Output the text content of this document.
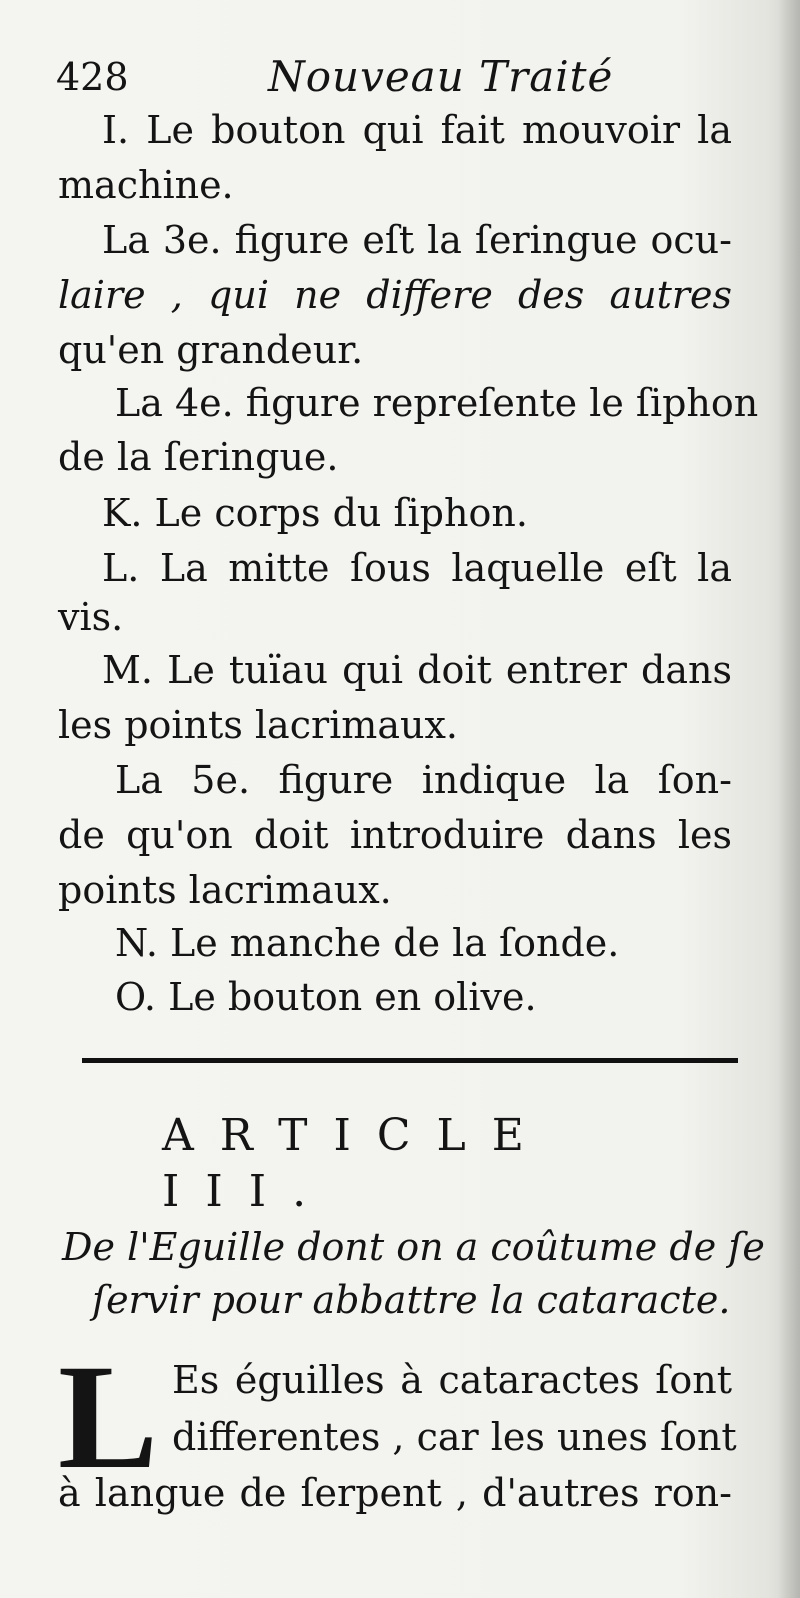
428	Nouveau Traité
I. Le bouton qui fait mouvoir la
machine.
La 3e. figure eſt la ſeringue ocu-
laire , qui ne differe des autres
qu'en grandeur.
La 4e. figure repreſente le ſiphon
de la ſeringue.
K. Le corps du ſiphon.
L. La mitte ſous laquelle eſt la
vis.
M. Le tuïau qui doit entrer dans
les points lacrimaux.
La 5e. figure indique la ſon-
de qu'on doit introduire dans les
points lacrimaux.
N. Le manche de la ſonde.
O. Le bouton en olive.
ARTICLE III.
De l'Eguille dont on a coûtume de ſe
ſervir pour abbattre la cataracte.
L Es éguilles à cataractes ſont
differentes , car les unes ſont
à langue de ſerpent , d'autres ron-
